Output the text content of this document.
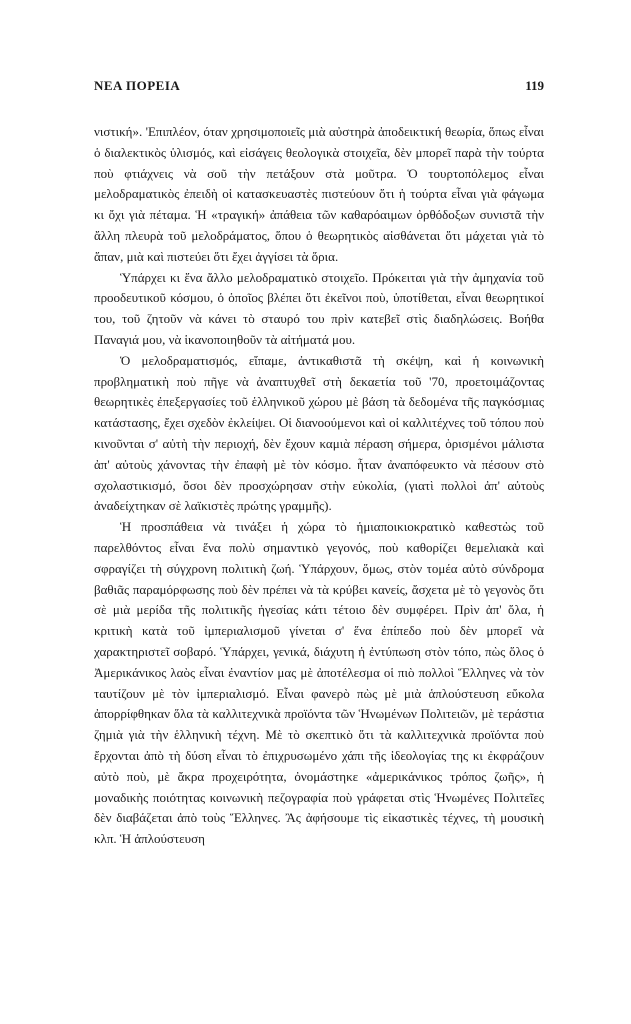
ΝΕΑ ΠΟΡΕΙΑ	119

νιστική». 'Επιπλέον, όταν χρησιμοποιεῖς μιὰ αὐστηρὰ ἀποδεικτική θεωρία, ὅπως εἶναι ὁ διαλεκτικὸς ὑλισμός, καὶ εἰσάγεις θεολογικὰ στοιχεῖα, δὲν μπορεῖ παρὰ τὴν τούρτα ποὺ φτιάχνεις νὰ σοῦ τὴν πετάξουν στὰ μοῦτρα. Ὁ τουρτοπόλεμος εἶναι μελοδραματικὸς ἐπειδὴ οἱ κατασκευαστὲς πιστεύουν ὅτι ἡ τούρτα εἶναι γιὰ φάγωμα κι ὄχι γιὰ πέταμα. Ἡ «τραγική» ἀπάθεια τῶν καθαρόαιμων ὀρθόδοξων συνιστᾶ τὴν ἄλλη πλευρὰ τοῦ μελοδράματος, ὅπου ὁ θεωρητικὸς αἰσθάνεται ὅτι μάχεται γιὰ τὸ ἅπαν, μιὰ καὶ πιστεύει ὅτι ἔχει ἀγγίσει τὰ ὅρια.

Ὑπάρχει κι ἕνα ἄλλο μελοδραματικὸ στοιχεῖο. Πρόκειται γιὰ τὴν ἀμηχανία τοῦ προοδευτικοῦ κόσμου, ὁ ὁποῖος βλέπει ὅτι ἐκεῖνοι ποὺ, ὑποτίθεται, εἶναι θεωρητικοί του, τοῦ ζητοῦν νὰ κάνει τὸ σταυρό του πρὶν κατεβεῖ στὶς διαδηλώσεις. Βοήθα Παναγιά μου, νὰ ἱκανοποιηθοῦν τὰ αἰτήματά μου.

Ὁ μελοδραματισμός, εἴπαμε, ἀντικαθιστᾶ τὴ σκέψη, καὶ ἡ κοινωνικὴ προβληματικὴ ποὺ πῆγε νὰ ἀναπτυχθεῖ στὴ δεκαετία τοῦ '70, προετοιμάζοντας θεωρητικὲς ἐπεξεργασίες τοῦ ἑλληνικοῦ χώρου μὲ βάση τὰ δεδομένα τῆς παγκόσμιας κατάστασης, ἔχει σχεδὸν ἐκλείψει. Οἱ διανοούμενοι καὶ οἱ καλλιτέχνες τοῦ τόπου ποὺ κινοῦνται σ' αὐτὴ τὴν περιοχή, δὲν ἔχουν καμιὰ πέραση σήμερα, ὁρισμένοι μάλιστα ἀπ' αὐτοὺς χάνοντας τὴν ἐπαφὴ μὲ τὸν κόσμο. ἦταν ἀναπόφευκτο νὰ πέσουν στὸ σχολαστικισμό, ὅσοι δὲν προσχώρησαν στὴν εὐκολία, (γιατὶ πολλοὶ ἀπ' αὐτοὺς ἀναδείχτηκαν σὲ λαϊκιστὲς πρώτης γραμμῆς).

Ἡ προσπάθεια νὰ τινάξει ἡ χώρα τὸ ἡμιαποικιοκρατικὸ καθεστὼς τοῦ παρελθόντος εἶναι ἕνα πολὺ σημαντικὸ γεγονός, ποὺ καθορίζει θεμελιακὰ καὶ σφραγίζει τὴ σύγχρονη πολιτικὴ ζωή. Ὑπάρχουν, ὅμως, στὸν τομέα αὐτὸ σύνδρομα βαθιᾶς παραμόρφωσης ποὺ δὲν πρέπει νὰ τὰ κρύβει κανείς, ἄσχετα μὲ τὸ γεγονὸς ὅτι σὲ μιὰ μερίδα τῆς πολιτικῆς ἡγεσίας κάτι τέτοιο δὲν συμφέρει. Πρὶν ἀπ' ὅλα, ἡ κριτικὴ κατὰ τοῦ ἰμπεριαλισμοῦ γίνεται σ' ἕνα ἐπίπεδο ποὺ δὲν μπορεῖ νὰ χαρακτηριστεῖ σοβαρό. Ὑπάρχει, γενικά, διάχυτη ἡ ἐντύπωση στὸν τόπο, πὼς ὅλος ὁ Ἀμερικάνικος λαὸς εἶναι ἐναντίον μας μὲ ἀποτέλεσμα οἱ πιὸ πολλοὶ Ἕλληνες νὰ τὸν ταυτίζουν μὲ τὸν ἰμπεριαλισμό. Εἶναι φανερὸ πὼς μὲ μιὰ ἁπλούστευση εὔκολα ἀπορρίφθηκαν ὅλα τὰ καλλιτεχνικὰ προϊόντα τῶν Ἡνωμένων Πολιτειῶν, μὲ τεράστια ζημιὰ γιὰ τὴν ἑλληνικὴ τέχνη. Μὲ τὸ σκεπτικὸ ὅτι τὰ καλλιτεχνικὰ προϊόντα ποὺ ἔρχονται ἀπὸ τὴ δύση εἶναι τὸ ἐπιχρυσωμένο χάπι τῆς ἰδεολογίας της κι ἐκφράζουν αὐτὸ ποὺ, μὲ ἄκρα προχειρότητα, ὀνομάστηκε «ἀμερικάνικος τρόπος ζωῆς», ἡ μοναδικὴς ποιότητας κοινωνικὴ πεζογραφία ποὺ γράφεται στὶς Ἡνωμένες Πολιτεῖες δὲν διαβάζεται ἀπὸ τοὺς Ἕλληνες. Ἂς ἀφήσουμε τὶς εἰκαστικὲς τέχνες, τὴ μουσικὴ κλπ. Ἡ ἁπλούστευση
